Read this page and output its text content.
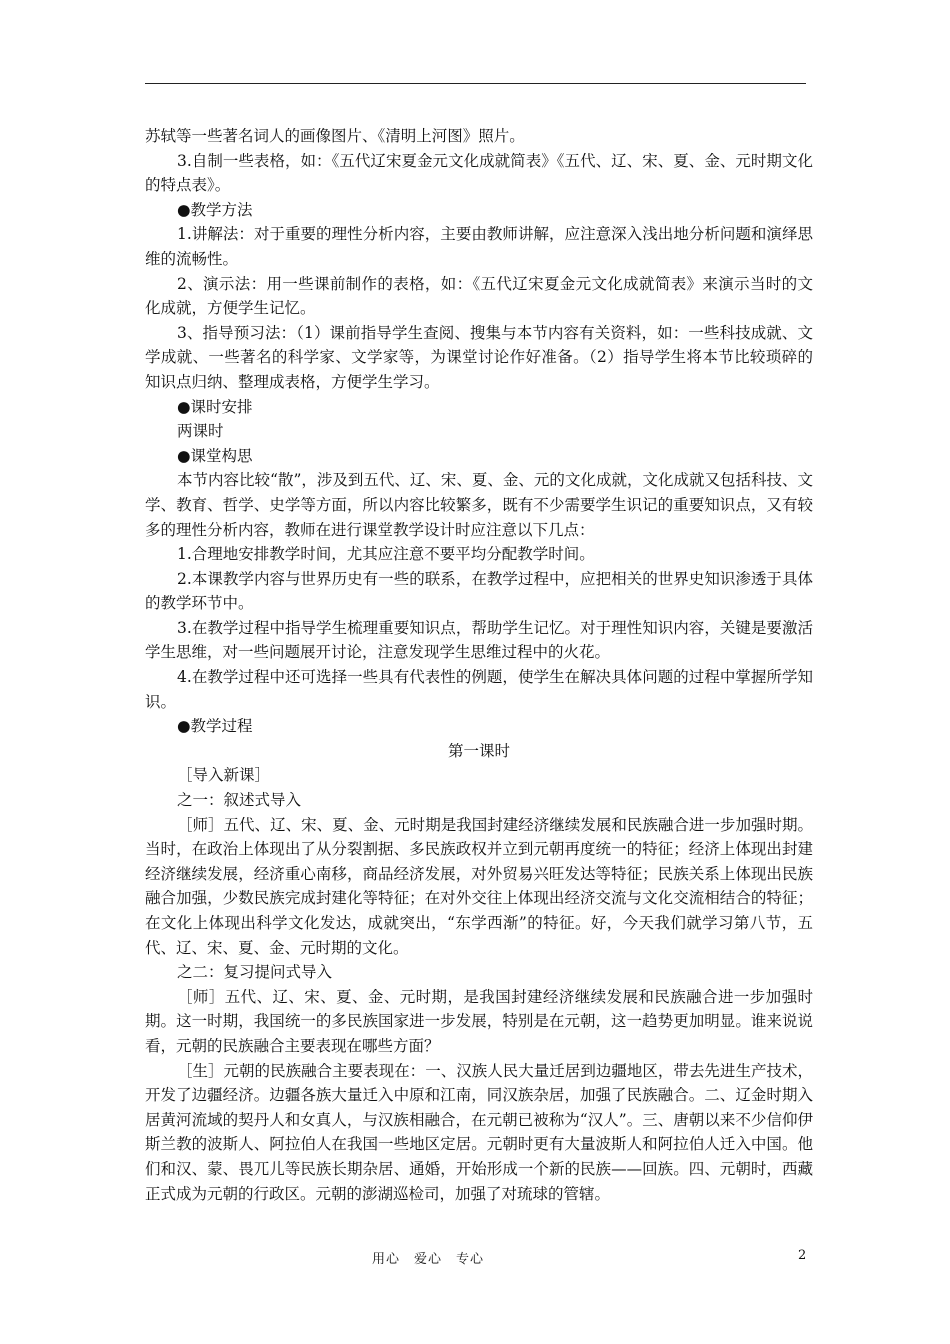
苏轼等一些著名词人的画像图片、《清明上河图》照片。

3.自制一些表格，如：《五代辽宋夏金元文化成就简表》《五代、辽、宋、夏、金、元时期文化的特点表》。

●教学方法

1.讲解法：对于重要的理性分析内容，主要由教师讲解，应注意深入浅出地分析问题和演绎思维的流畅性。

2、演示法：用一些课前制作的表格，如：《五代辽宋夏金元文化成就简表》来演示当时的文化成就，方便学生记忆。

3、指导预习法：（1）课前指导学生查阅、搜集与本节内容有关资料，如：一些科技成就、文学成就、一些著名的科学家、文学家等，为课堂讨论作好准备。（2）指导学生将本节比较琐碎的知识点归纳、整理成表格，方便学生学习。

●课时安排

两课时

●课堂构思

本节内容比较“散”，涉及到五代、辽、宋、夏、金、元的文化成就，文化成就又包括科技、文学、教育、哲学、史学等方面，所以内容比较繁多，既有不少需要学生识记的重要知识点，又有较多的理性分析内容，教师在进行课堂教学设计时应注意以下几点：

1.合理地安排教学时间，尤其应注意不要平均分配教学时间。

2.本课教学内容与世界历史有一些的联系，在教学过程中，应把相关的世界史知识渗透于具体的教学环节中。

3.在教学过程中指导学生梳理重要知识点，帮助学生记忆。对于理性知识内容，关键是要激活学生思维，对一些问题展开讨论，注意发现学生思维过程中的火花。

4.在教学过程中还可选择一些具有代表性的例题，使学生在解决具体问题的过程中掌握所学知识。

●教学过程

第一课时

［导入新课］

之一：叙述式导入

［师］五代、辽、宋、夏、金、元时期是我国封建经济继续发展和民族融合进一步加强时期。当时，在政治上体现出了从分裂割据、多民族政权并立到元朝再度统一的特征；经济上体现出封建经济继续发展，经济重心南移，商品经济发展，对外贸易兴旺发达等特征；民族关系上体现出民族融合加强，少数民族完成封建化等特征；在对外交往上体现出经济交流与文化交流相结合的特征；在文化上体现出科学文化发达，成就突出，“东学西渐”的特征。好，今天我们就学习第八节，五代、辽、宋、夏、金、元时期的文化。

之二：复习提问式导入

［师］五代、辽、宋、夏、金、元时期，是我国封建经济继续发展和民族融合进一步加强时期。这一时期，我国统一的多民族国家进一步发展，特别是在元朝，这一趋势更加明显。谁来说说看，元朝的民族融合主要表现在哪些方面？

［生］元朝的民族融合主要表现在：一、汉族人民大量迁居到边疆地区，带去先进生产技术，开发了边疆经济。边疆各族大量迁入中原和江南，同汉族杂居，加强了民族融合。二、辽金时期入居黄河流域的契丹人和女真人，与汉族相融合，在元朝已被称为“汉人”。三、唐朝以来不少信仰伊斯兰教的波斯人、阿拉伯人在我国一些地区定居。元朝时更有大量波斯人和阿拉伯人迁入中国。他们和汉、蒙、畏兀儿等民族长期杂居、通婚，开始形成一个新的民族——回族。四、元朝时，西藏正式成为元朝的行政区。元朝的澎湖巡检司，加强了对琉球的管辖。

用心　爱心　专心	2
